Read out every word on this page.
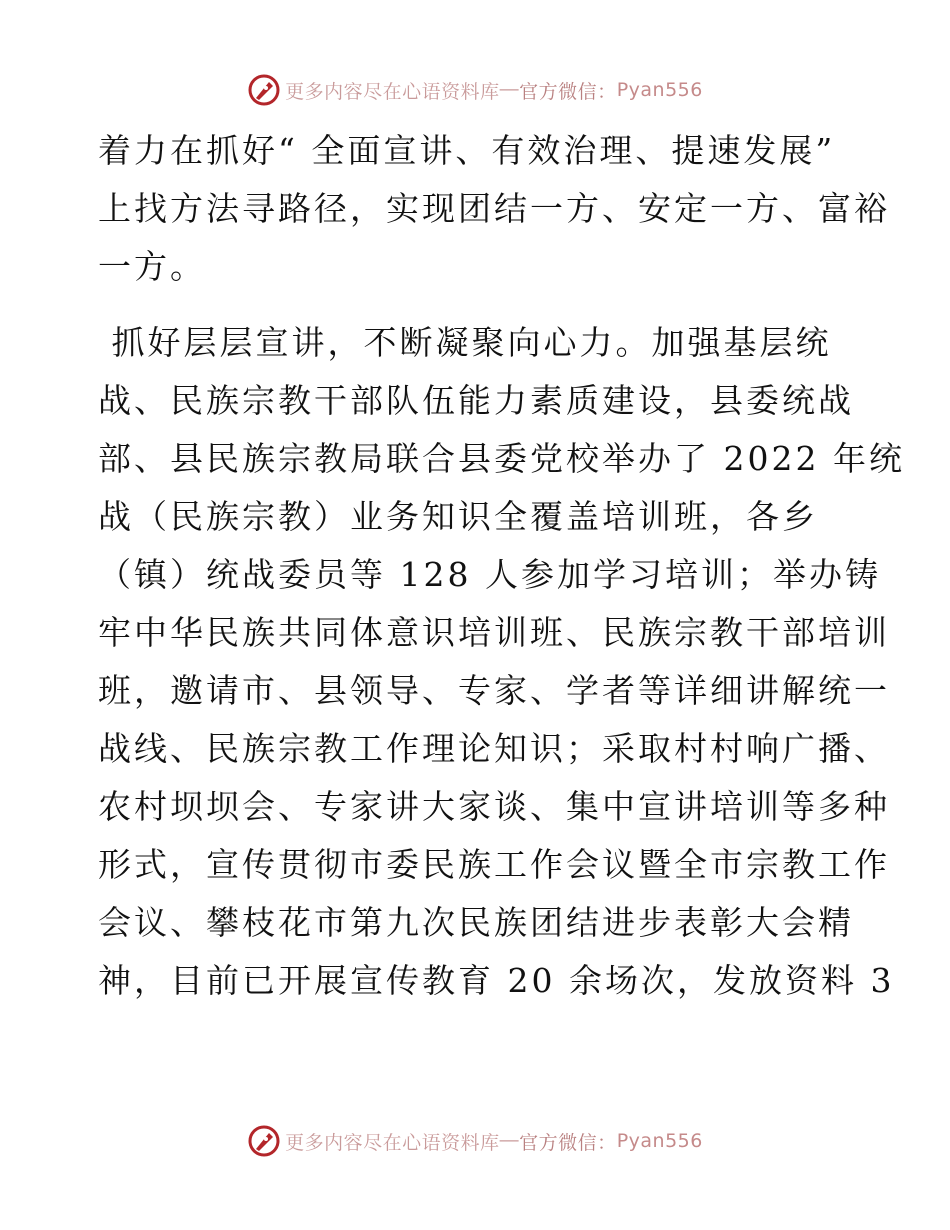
更多内容尽在心语资料库 — 官方微信： Pyan556
着力在抓好“ 全面宣讲、有效治理、提速发展”
上找方法寻路径，实现团结一方、安定一方、富裕
一方。
抓好层层宣讲，不断凝聚向心力。加强基层统
战、民族宗教干部队伍能力素质建设，县委统战
部、县民族宗教局联合县委党校举办了 2022 年统
战（民族宗教）业务知识全覆盖培训班，各乡
（镇）统战委员等 128 人参加学习培训；举办铸
牢中华民族共同体意识培训班、民族宗教干部培训
班，邀请市、县领导、专家、学者等详细讲解统一
战线、民族宗教工作理论知识；采取村村响广播、
农村坝坝会、专家讲大家谈、集中宣讲培训等多种
形式，宣传贯彻市委民族工作会议暨全市宗教工作
会议、攀枝花市第九次民族团结进步表彰大会精
神，目前已开展宣传教育 20 余场次，发放资料 3
更多内容尽在心语资料库 — 官方微信： Pyan556
